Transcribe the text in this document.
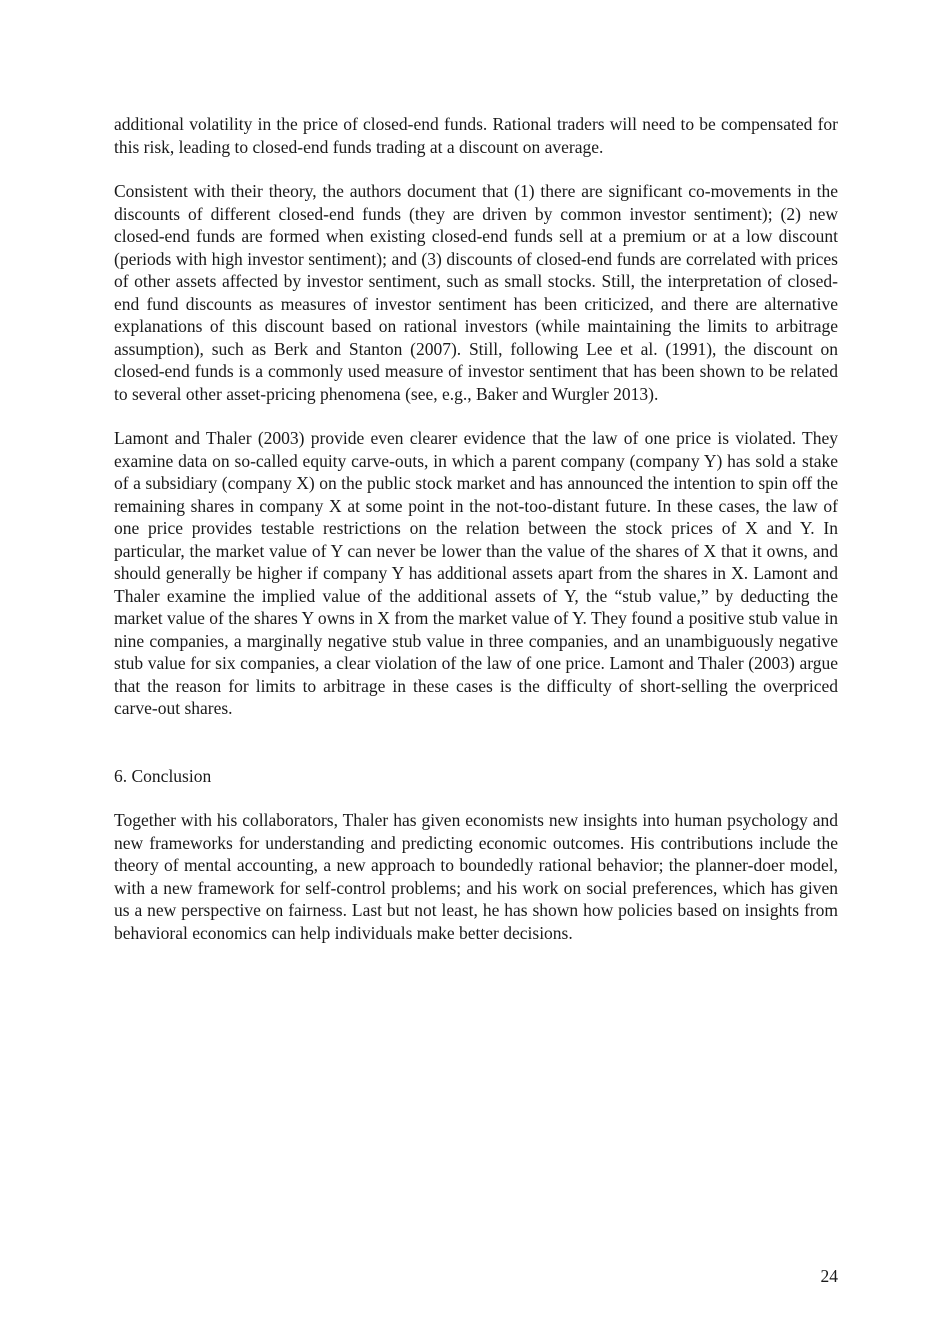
additional volatility in the price of closed-end funds. Rational traders will need to be compensated for this risk, leading to closed-end funds trading at a discount on average.

Consistent with their theory, the authors document that (1) there are significant co-movements in the discounts of different closed-end funds (they are driven by common investor sentiment); (2) new closed-end funds are formed when existing closed-end funds sell at a premium or at a low discount (periods with high investor sentiment); and (3) discounts of closed-end funds are correlated with prices of other assets affected by investor sentiment, such as small stocks. Still, the interpretation of closed-end fund discounts as measures of investor sentiment has been criticized, and there are alternative explanations of this discount based on rational investors (while maintaining the limits to arbitrage assumption), such as Berk and Stanton (2007). Still, following Lee et al. (1991), the discount on closed-end funds is a commonly used measure of investor sentiment that has been shown to be related to several other asset-pricing phenomena (see, e.g., Baker and Wurgler 2013).

Lamont and Thaler (2003) provide even clearer evidence that the law of one price is violated. They examine data on so-called equity carve-outs, in which a parent company (company Y) has sold a stake of a subsidiary (company X) on the public stock market and has announced the intention to spin off the remaining shares in company X at some point in the not-too-distant future. In these cases, the law of one price provides testable restrictions on the relation between the stock prices of X and Y. In particular, the market value of Y can never be lower than the value of the shares of X that it owns, and should generally be higher if company Y has additional assets apart from the shares in X. Lamont and Thaler examine the implied value of the additional assets of Y, the “stub value,” by deducting the market value of the shares Y owns in X from the market value of Y. They found a positive stub value in nine companies, a marginally negative stub value in three companies, and an unambiguously negative stub value for six companies, a clear violation of the law of one price. Lamont and Thaler (2003) argue that the reason for limits to arbitrage in these cases is the difficulty of short-selling the overpriced carve-out shares.

6. Conclusion

Together with his collaborators, Thaler has given economists new insights into human psychology and new frameworks for understanding and predicting economic outcomes. His contributions include the theory of mental accounting, a new approach to boundedly rational behavior; the planner-doer model, with a new framework for self-control problems; and his work on social preferences, which has given us a new perspective on fairness. Last but not least, he has shown how policies based on insights from behavioral economics can help individuals make better decisions.

24
